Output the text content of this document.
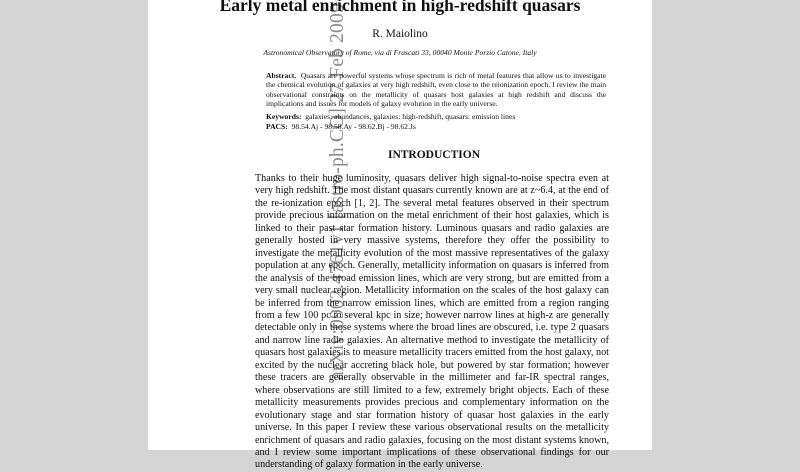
arXiv:0902.4761v1 [astro-ph.CO] 27 Feb 2009
Early metal enrichment in high-redshift quasars
R. Maiolino
Astronomical Observatory of Rome, via di Frascati 33, 00040 Monte Porzio Catone, Italy

Abstract. Quasars are powerful systems whose spectrum is rich of metal features that allow us to investigate the chemical evolution of galaxies at very high redshift, even close to the reionization epoch. I review the main observational constraints on the metallicity of quasars host galaxies at high redshift and discuss the implications and issues for models of galaxy evolution in the early universe.

Keywords: galaxies: abundances, galaxies: high-redshift, quasars: emission lines

PACS: 98.54.Aj - 98.58.Ay - 98.62.Bj - 98.62.Js

INTRODUCTION

Thanks to their huge luminosity, quasars deliver high signal-to-noise spectra even at very high redshift. The most distant quasars currently known are at z~6.4, at the end of the re-ionization epoch [1, 2]. The several metal features observed in their spectrum provide precious information on the metal enrichment of their host galaxies, which is linked to their past star formation history. Luminous quasars and radio galaxies are generally hosted in very massive systems, therefore they offer the possibility to investigate the metallicity evolution of the most massive representatives of the galaxy population at any epoch. Generally, metallicity information on quasars is inferred from the analysis of the broad emission lines, which are very strong, but are emitted from a very small nuclear region. Metallicity information on the scales of the host galaxy can be inferred from the narrow emission lines, which are emitted from a region ranging from a few 100 pc to several kpc in size; however narrow lines at high-z are generally detectable only in those systems where the broad lines are obscured, i.e. type 2 quasars and narrow line radio galaxies. An alternative method to investigate the metallicity of quasars host galaxies is to measure metallicity tracers emitted from the host galaxy, not excited by the nuclear accreting black hole, but powered by star formation; however these tracers are generally observable in the millimeter and far-IR spectral ranges, where observations are still limited to a few, extremely bright objects. Each of these metallicity measurements provides precious and complementary information on the evolutionary stage and star formation history of quasar host galaxies in the early universe. In this paper I review these various observational results on the metallicity enrichment of quasars and radio galaxies, focusing on the most distant systems known, and I review some important implications of these observational findings for our understanding of galaxy formation in the early universe.
